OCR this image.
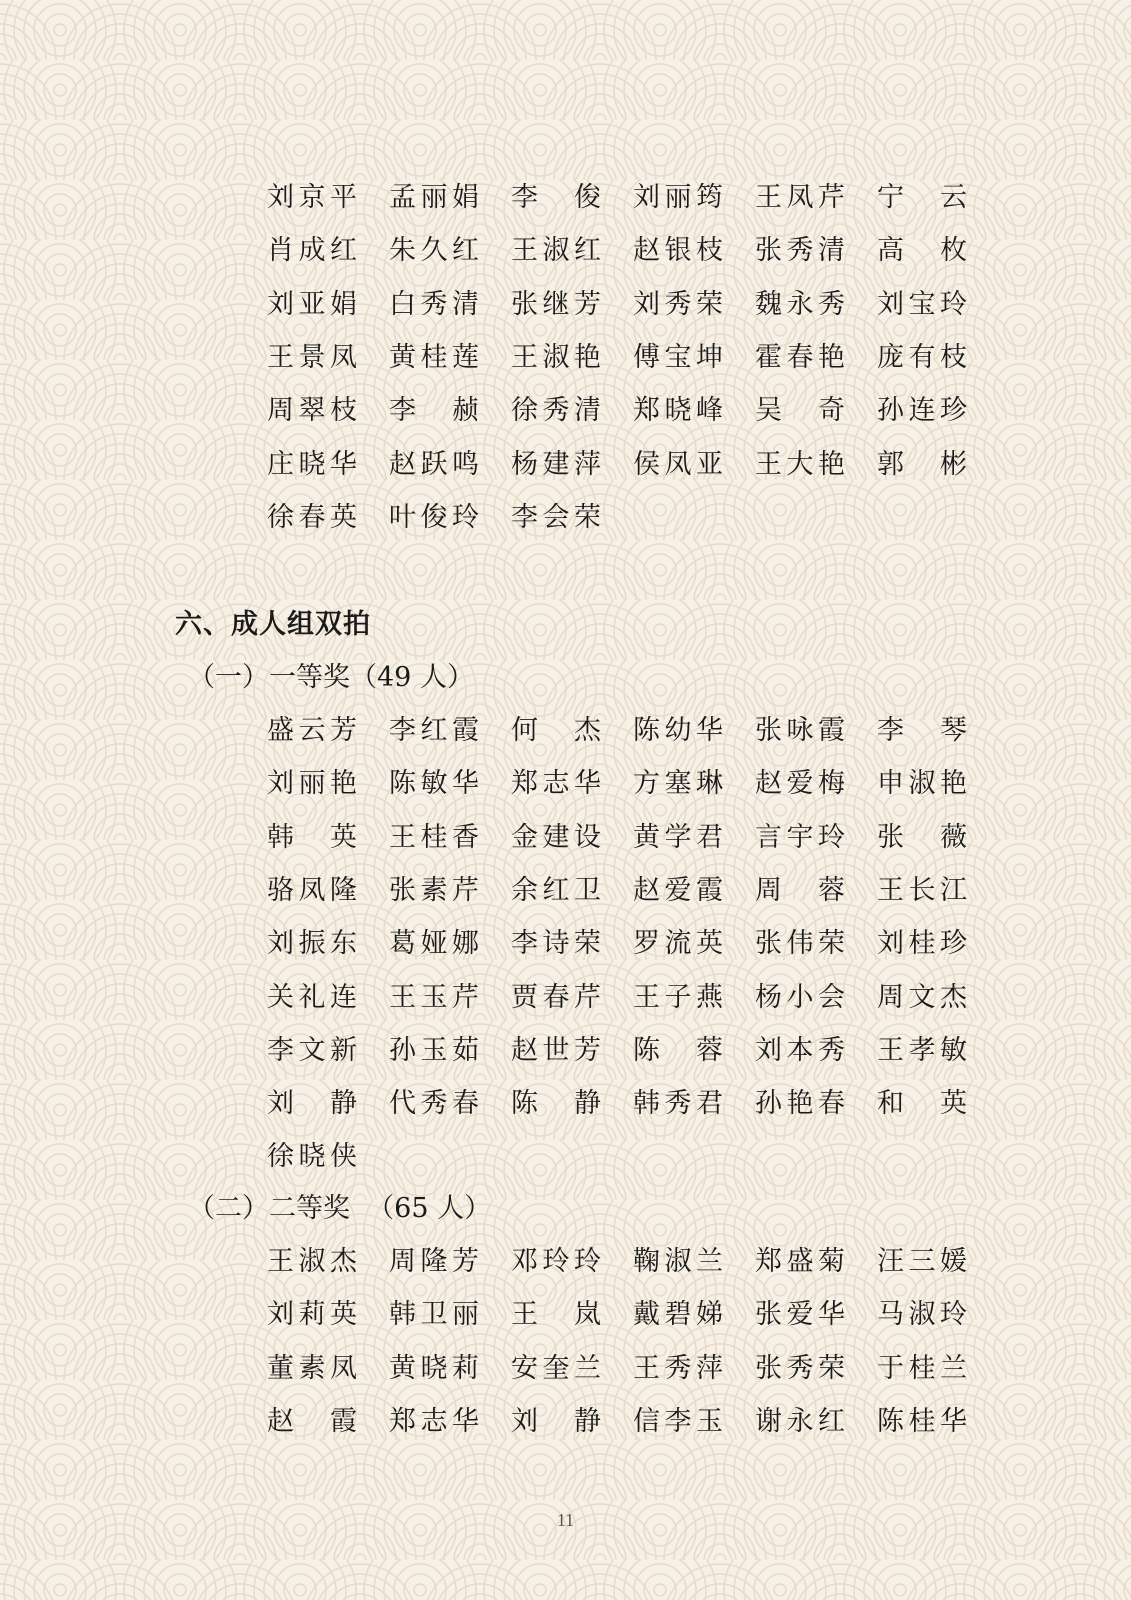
刘 京 平 孟 丽 娟 李 俊 刘 丽 筠 王 凤 芹 宁 云
肖 成 红 朱 久 红 王 淑 红 赵 银 枝 张 秀 清 高 枚
刘 亚 娟 白 秀 清 张 继 芳 刘 秀 荣 魏 永 秀 刘 宝 玲
王 景 凤 黄 桂 莲 王 淑 艳 傅 宝 坤 霍 春 艳 庞 有 枝
周 翠 枝 李 赪 徐 秀 清 郑 晓 峰 吴 奇 孙 连 珍
庄 晓 华 赵 跃 鸣 杨 建 萍 侯 凤 亚 王 大 艳 郭 彬
徐 春 英 叶 俊 玲 李 会 荣
六、成人组双拍
（一）一等奖（49 人）
盛 云 芳 李 红 霞 何 杰 陈 幼 华 张 咏 霞 李 琴
刘 丽 艳 陈 敏 华 郑 志 华 方 塞 琳 赵 爱 梅 申 淑 艳
韩 英 王 桂 香 金 建 设 黄 学 君 言 宇 玲 张 薇
骆 凤 隆 张 素 芹 余 红 卫 赵 爱 霞 周 蓉 王 长 江
刘 振 东 葛 娅 娜 李 诗 荣 罗 流 英 张 伟 荣 刘 桂 珍
关 礼 连 王 玉 芹 贾 春 芹 王 子 燕 杨 小 会 周 文 杰
李 文 新 孙 玉 茹 赵 世 芳 陈 蓉 刘 本 秀 王 孝 敏
刘 静 代 秀 春 陈 静 韩 秀 君 孙 艳 春 和 英
徐 晓 侠
（二）二等奖  （65 人）
王 淑 杰 周 隆 芳 邓 玲 玲 鞠 淑 兰 郑 盛 菊 汪 三 媛
刘 莉 英 韩 卫 丽 王 岚 戴 碧 娣 张 爱 华 马 淑 玲
董 素 凤 黄 晓 莉 安 奎 兰 王 秀 萍 张 秀 荣 于 桂 兰
赵 霞 郑 志 华 刘 静 信 李 玉 谢 永 红 陈 桂 华
11
